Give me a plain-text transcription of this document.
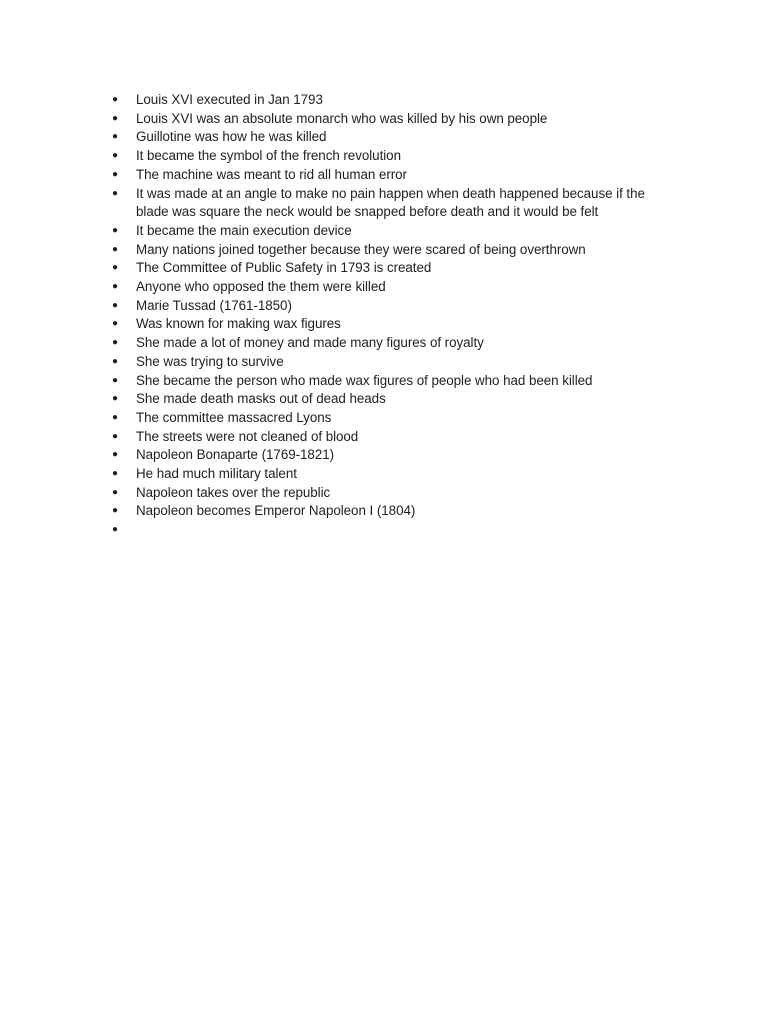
● Louis XVI executed in Jan 1793
● Louis XVI was an absolute monarch who was killed by his own people
● Guillotine was how he was killed
● It became the symbol of the french revolution
● The machine was meant to rid all human error
● It was made at an angle to make no pain happen when death happened because if the blade was square the neck would be snapped before death and it would be felt
● It became the main execution device
● Many nations joined together because they were scared of being overthrown
● The Committee of Public Safety in 1793 is created
● Anyone who opposed the them were killed
● Marie Tussad (1761-1850)
● Was known for making wax figures
● She made a lot of money and made many figures of royalty
● She was trying to survive
● She became the person who made wax figures of people who had been killed
● She made death masks out of dead heads
● The committee massacred Lyons
● The streets were not cleaned of blood
● Napoleon Bonaparte (1769-1821)
● He had much military talent
● Napoleon takes over the republic
● Napoleon becomes Emperor Napoleon I (1804)
●
